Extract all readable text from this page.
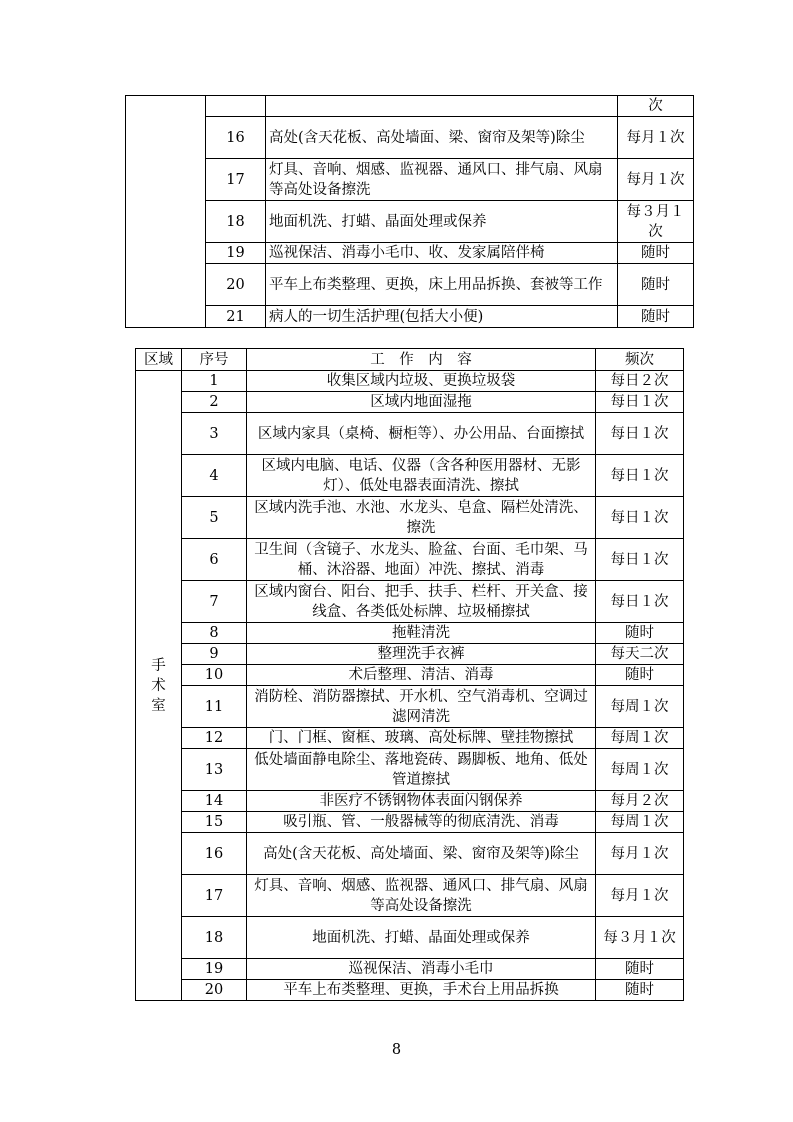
			次
	16	高处(含天花板、高处墙面、梁、窗帘及架等)除尘	每月１次
	17	灯具、音响、烟感、监视器、通风口、排气扇、风扇等高处设备擦洗	每月１次
	18	地面机洗、打蜡、晶面处理或保养	每３月１次
	19	巡视保洁、消毒小毛巾、收、发家属陪伴椅	随时
	20	平车上布类整理、更换，床上用品拆换、套被等工作	随时
	21	病人的一切生活护理(包括大小便)	随时
区域	序号	工　作　内　容	频次
手术室	1	收集区域内垃圾、更换垃圾袋	每日２次
	2	区域内地面湿拖	每日１次
	3	区域内家具（桌椅、橱柜等）、办公用品、台面擦拭	每日１次
	4	区域内电脑、电话、仪器（含各种医用器材、无影灯）、低处电器表面清洗、擦拭	每日１次
	5	区域内洗手池、水池、水龙头、皂盒、隔栏处清洗、擦洗	每日１次
	6	卫生间（含镜子、水龙头、脸盆、台面、毛巾架、马桶、沐浴器、地面）冲洗、擦拭、消毒	每日１次
	7	区域内窗台、阳台、把手、扶手、栏杆、开关盒、接线盒、各类低处标牌、垃圾桶擦拭	每日１次
	8	拖鞋清洗	随时
	9	整理洗手衣裤	每天二次
	10	术后整理、清洁、消毒	随时
	11	消防栓、消防器擦拭、开水机、空气消毒机、空调过滤网清洗	每周１次
	12	门、门框、窗框、玻璃、高处标牌、壁挂物擦拭	每周１次
	13	低处墙面静电除尘、落地瓷砖、踢脚板、地角、低处管道擦拭	每周１次
	14	非医疗不锈钢物体表面闪钢保养	每月２次
	15	吸引瓶、管、一般器械等的彻底清洗、消毒	每周１次
	16	高处(含天花板、高处墙面、梁、窗帘及架等)除尘	每月１次
	17	灯具、音响、烟感、监视器、通风口、排气扇、风扇等高处设备擦洗	每月１次
	18	地面机洗、打蜡、晶面处理或保养	每３月１次
	19	巡视保洁、消毒小毛巾	随时
	20	平车上布类整理、更换，手术台上用品拆换	随时
8
